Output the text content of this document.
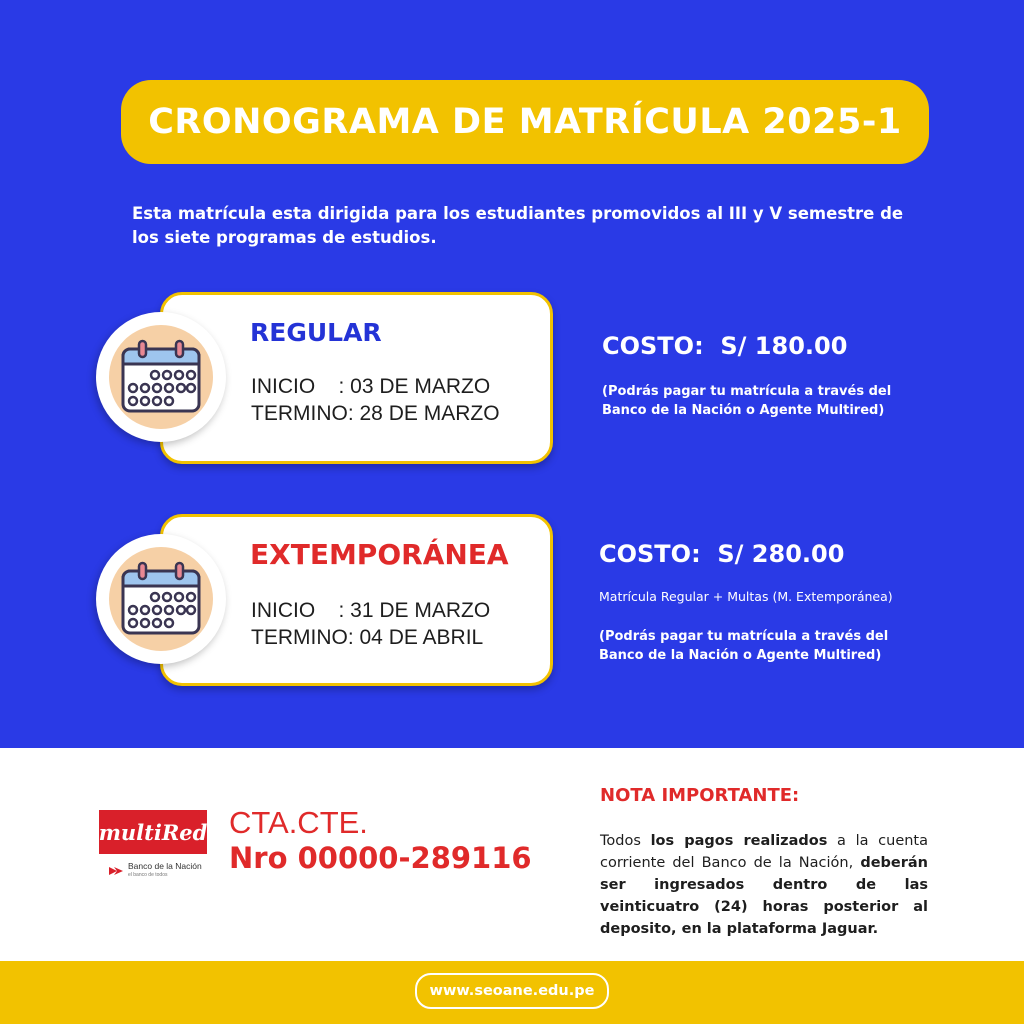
CRONOGRAMA DE MATRÍCULA 2025-1
Esta matrícula esta dirigida para los estudiantes promovidos al III y V semestre de los siete programas de estudios.
REGULAR
INICIO    : 03 DE MARZO
TERMINO: 28 DE MARZO
COSTO:  S/ 180.00
(Podrás pagar tu matrícula a través del Banco de la Nación o Agente Multired)
EXTEMPORÁNEA
INICIO    : 31 DE MARZO
TERMINO: 04 DE ABRIL
COSTO:  S/ 280.00
Matrícula Regular + Multas (M. Extemporánea)
(Podrás pagar tu matrícula a través del Banco de la Nación o Agente Multired)
multiRed
Banco de la Nación
el banco de todos
CTA.CTE.
Nro 00000-289116
NOTA IMPORTANTE:
Todos los pagos realizados a la cuenta corriente del Banco de la Nación, deberán ser ingresados dentro de las veinticuatro (24) horas posterior al deposito, en la plataforma Jaguar.
www.seoane.edu.pe
